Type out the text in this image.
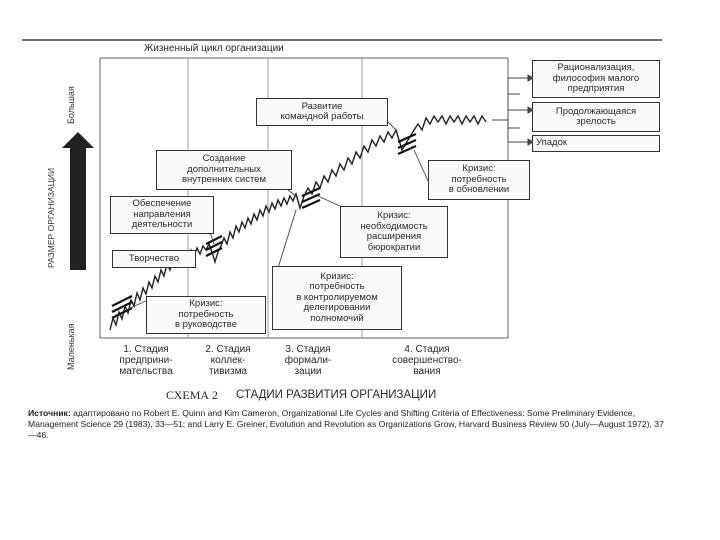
Жизненный цикл организации
Большая
Маленькая
РАЗМЕР ОРГАНИЗАЦИИ
Рационализация,
философия малого
предприятия
Продолжающаяся
зрелость
Упадок
Развитие
командной работы
Создание
дополнительных
внутренних систем
Обеспечение
направления
деятельности
Творчество
Кризис:
потребность
в обновлении
Кризис:
необходимость
расширения
бюрократии
Кризис:
потребность
в контролируемом
делегировании
полномочий
Кризис:
потребность
в руководстве
1. Стадия
предприни-
мательства
2. Стадия
коллек-
тивизма
3. Стадия
формали-
зации
4. Стадия
совершенство-
вания
СХЕМА 2 СТАДИИ РАЗВИТИЯ ОРГАНИЗАЦИИ
Источник: адаптировано по Robert E. Quinn and Kim Cameron, Organizational Life Cycles and Shifting Criteria of Effectiveness: Some Preliminary Evidence, Management Science 29 (1983), 33—51; and Larry E. Greiner, Evolution and Revolution as Organizations Grow, Harvard Business Review 50 (July—August 1972), 37—46.
